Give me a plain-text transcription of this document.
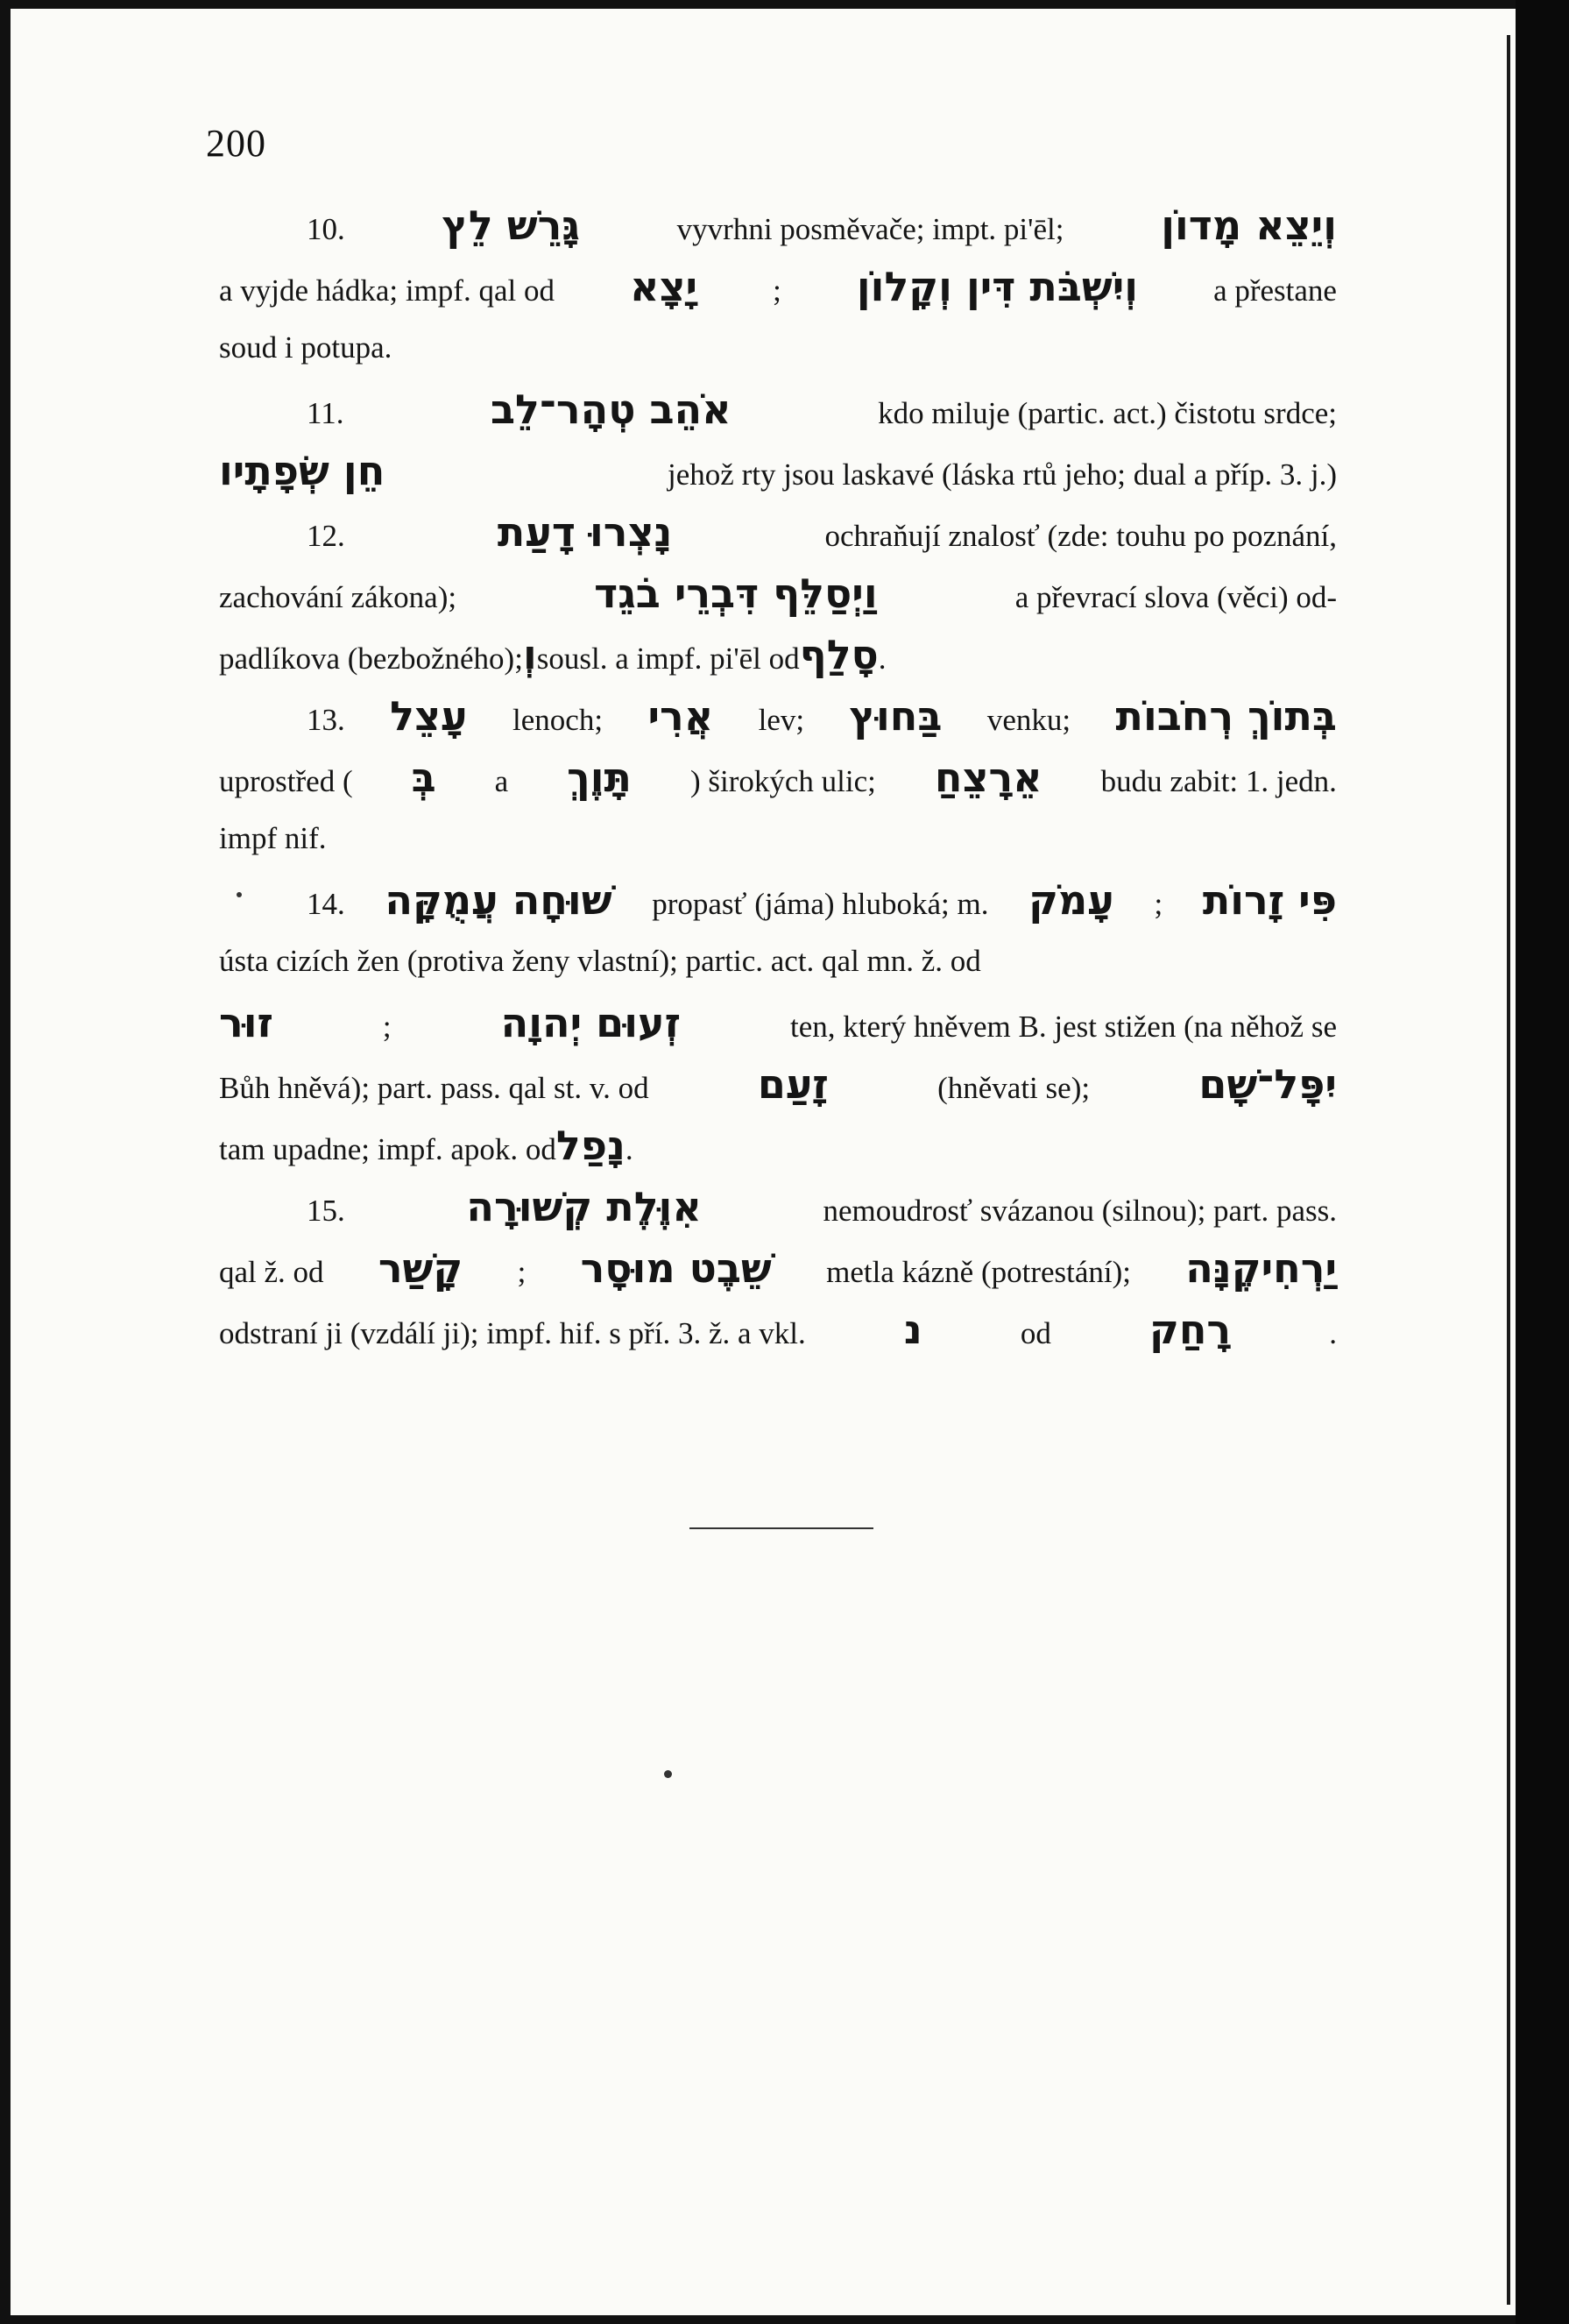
200
10. גָּרֵשׁ לֵץ	vyvrhni posměvače; impt. pi'ēl; וְיֵצֵא מָדוֹן
a vyjde hádka; impf. qal od יָצָא ; וְיִשְׁבֹּת דִּין וְקָלוֹן a přestane
soud i potupa.
11.	אֹהֵב טְהָר־לֵב	kdo miluje (partic. act.) čistotu srdce;
חֵן שְׂפָתָיו	jehož rty jsou laskavé (láska rtů jeho; dual a příp. 3. j.)
12.	נָצְרוּ דָעַת	ochraňují znalosť (zde: touhu po poznání,
zachování zákona);	וַיְסַלֵּף דִּבְרֵי בֹגֵד	a převrací slova (věci) od-
padlíkova (bezbožného); וְ sousl. a impf. pi'ēl od סָלַף .
13. עָצֵל lenoch; אֲרִי lev; בַּחוּץ venku; בְּתוֹךְ רְחֹבוֹת
uprostřed ( בְּ a תָּוֶךְ ) širokých ulic; אֵרָצֵחַ budu zabit: 1. jedn.
impf nif.
14. שׁוּחָה עֲמֻקָּה propasť (jáma) hluboká; m. עָמֹק ; פִּי זָרוֹת
ústa cizích žen (protiva ženy vlastní); partic. act. qal mn. ž. od
זוּר	;	זְעוּם יְהוָה	ten, který hněvem B. jest stižen (na něhož se
Bůh hněvá); part. pass. qal st. v. od	זָעַם	(hněvati se);	יִפָּל־שָׁם
tam upadne; impf. apok. od נָפַל .
15.	אִוֶּלֶת קְשׁוּרָה	nemoudrosť svázanou (silnou); part. pass.
qal ž. od קָשַׁר ; שֵׁבֶט מוּסָר metla kázně (potrestání); יַרְחִיקֶנָּה
odstraní ji (vzdálí ji); impf. hif. s pří. 3. ž. a vkl. נ	od רָחַק	.
